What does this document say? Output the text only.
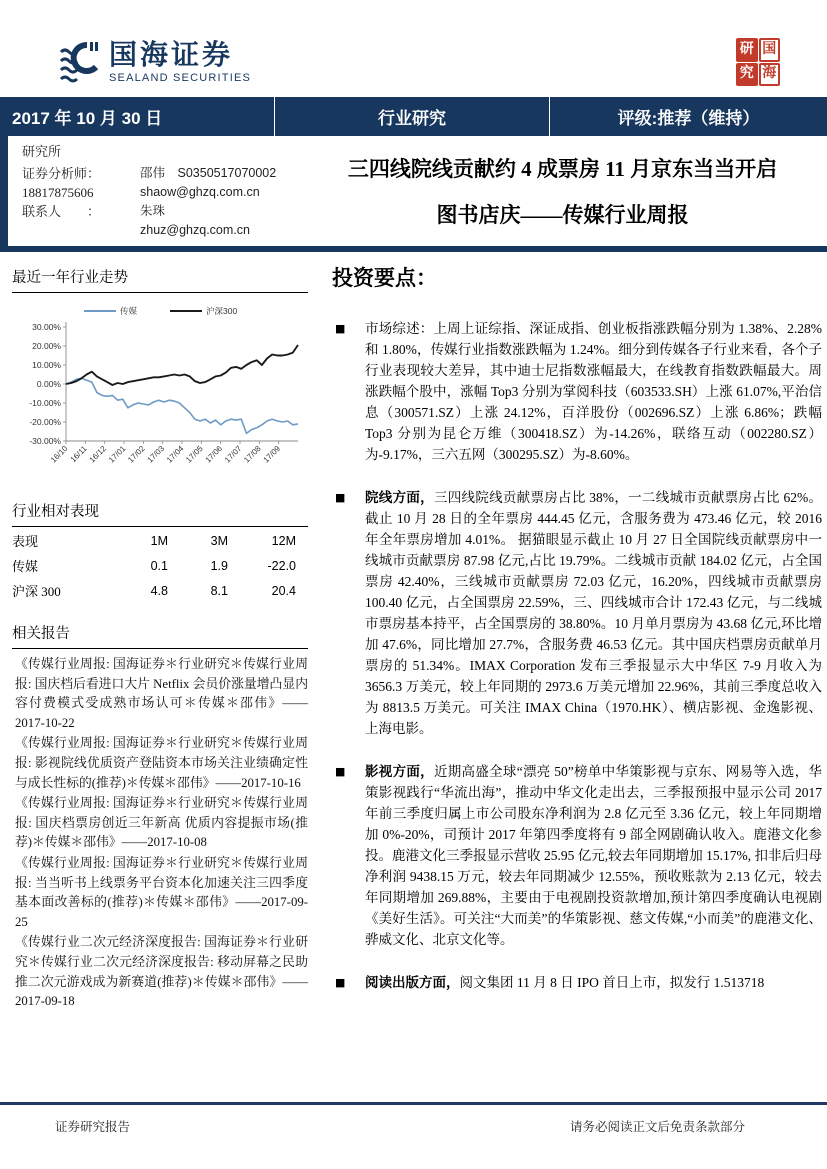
国海证券
SEALAND SECURITIES
研 国
究 海
2017 年 10 月 30 日	行业研究	评级:推荐（维持）
研究所
证券分析师：	邵伟　S0350517070002
18817875606	shaow@ghzq.com.cn
联系人　　：	朱珠
zhuz@ghzq.com.cn
三四线院线贡献约 4 成票房 11 月京东当当开启
图书店庆——传媒行业周报
最近一年行业走势
30.00%
20.00%
10.00%
0.00%
-10.00%
-20.00%
-30.00%
16/10 16/11
16/12
17/01
17/02
17/03
17/04
17/05
17/06
17/07
17/08
17/09
传媒	沪深300
行业相对表现
表现	1M	3M	12M
传媒	0.1	1.9	-22.0
沪深 300	4.8	8.1	20.4
相关报告
《传媒行业周报: 国海证券＊行业研究＊传媒行业周报: 国庆档后看进口大片 Netflix 会员价涨量增凸显内容付费模式受成熟市场认可＊传媒＊邵伟》——2017-10-22
《传媒行业周报: 国海证券＊行业研究＊传媒行业周报: 影视院线优质资产登陆资本市场关注业绩确定性与成长性标的(推荐)＊传媒＊邵伟》——2017-10-16
《传媒行业周报: 国海证券＊行业研究＊传媒行业周报: 国庆档票房创近三年新高 优质内容提振市场(推荐)＊传媒＊邵伟》——2017-10-08
《传媒行业周报: 国海证券＊行业研究＊传媒行业周报: 当当听书上线票务平台资本化加速关注三四季度基本面改善标的(推荐)＊传媒＊邵伟》——2017-09-25
《传媒行业二次元经济深度报告: 国海证券＊行业研究＊传媒行业二次元经济深度报告: 移动屏幕之民助推二次元游戏成为新赛道(推荐)＊传媒＊邵伟》——2017-09-18
投资要点：
■ 市场综述：上周上证综指、深证成指、创业板指涨跌幅分别为 1.38%、2.28%和 1.80%，传媒行业指数涨跌幅为 1.24%。细分到传媒各子行业来看，各个子行业表现较大差异，其中迪士尼指数涨幅最大，在线教育指数跌幅最大。周涨跌幅个股中，涨幅 Top3 分别为掌阅科技（603533.SH）上涨 61.07%,平治信息（300571.SZ）上涨 24.12%，百洋股份（002696.SZ）上涨 6.86%；跌幅 Top3 分别为昆仑万维（300418.SZ）为-14.26%，联络互动（002280.SZ）为-9.17%，三六五网（300295.SZ）为-8.60%。
■ 院线方面，三四线院线贡献票房占比 38%，一二线城市贡献票房占比 62%。截止 10 月 28 日的全年票房 444.45 亿元，含服务费为 473.46 亿元，较 2016 年全年票房增加 4.01%。 据猫眼显示截止 10 月 27 日全国院线贡献票房中一线城市贡献票房 87.98 亿元,占比 19.79%。二线城市贡献 184.02 亿元，占全国票房 42.40%，三线城市贡献票房 72.03 亿元，16.20%，四线城市贡献票房 100.40 亿元，占全国票房 22.59%，三、四线城市合计 172.43 亿元，与二线城市票房基本持平，占全国票房的 38.80%。10 月单月票房为 43.68 亿元,环比增加 47.6%，同比增加 27.7%，含服务费 46.53 亿元。其中国庆档票房贡献单月票房的 51.34%。IMAX Corporation 发布三季报显示大中华区 7-9 月收入为 3656.3 万美元，较上年同期的 2973.6 万美元增加 22.96%，其前三季度总收入为 8813.5 万美元。可关注 IMAX China（1970.HK）、横店影视、金逸影视、上海电影。
■ 影视方面，近期高盛全球“漂亮 50”榜单中华策影视与京东、网易等入选，华策影视践行“华流出海”，推动中华文化走出去，三季报预报中显示公司 2017 年前三季度归属上市公司股东净利润为 2.8 亿元至 3.36 亿元，较上年同期增加 0%-20%，司预计 2017 年第四季度将有 9 部全网剧确认收入。鹿港文化参投。鹿港文化三季报显示营收 25.95 亿元,较去年同期增加 15.17%, 扣非后归母净利润 9438.15 万元，较去年同期减少 12.55%，预收账款为 2.13 亿元，较去年同期增加 269.88%，主要由于电视剧投资款增加,预计第四季度确认电视剧《美好生活》。可关注“大而美”的华策影视、慈文传媒,“小而美”的鹿港文化、骅威文化、北京文化等。
■ 阅读出版方面，阅文集团 11 月 8 日 IPO 首日上市，拟发行 1.513718
证券研究报告	请务必阅读正文后免责条款部分
